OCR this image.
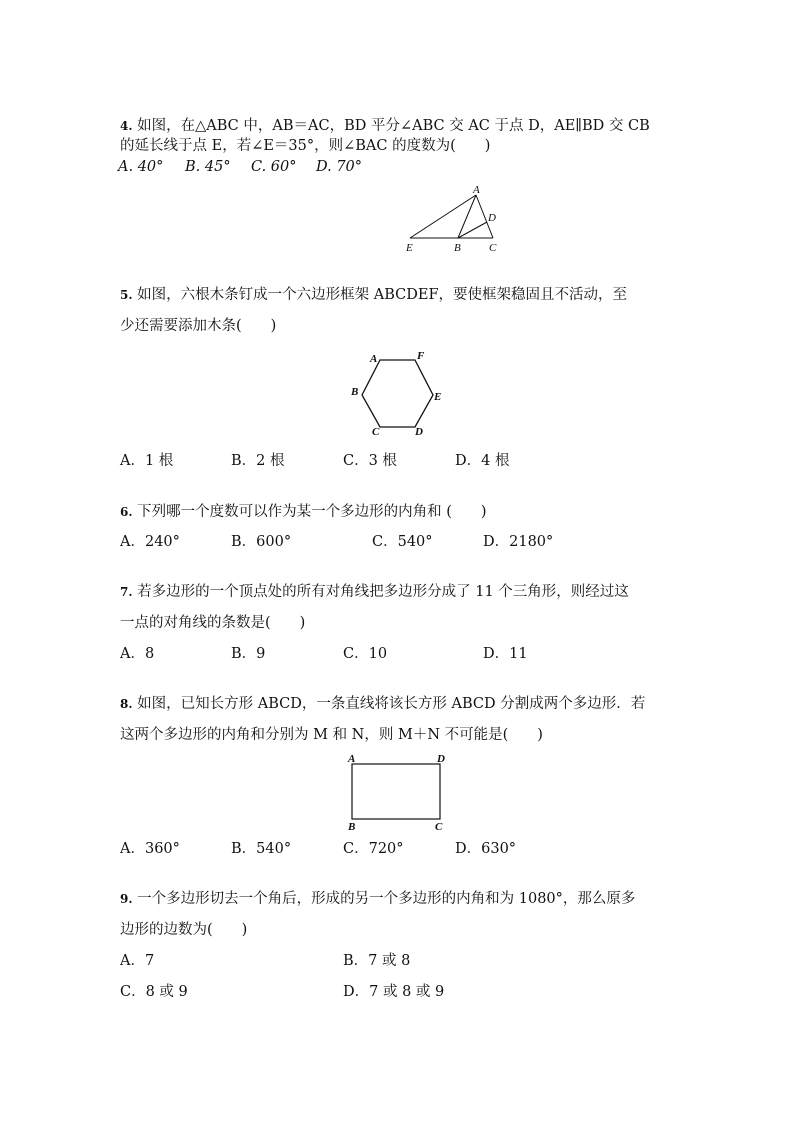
4. 如图，在△ABC 中，AB＝AC，BD 平分∠ABC 交 AC 于点 D，AE∥BD 交 CB
的延长线于点 E，若∠E＝35°，则∠BAC 的度数为(　　)
A. 40° B. 45° C. 60° D. 70°
A
D
E	B	C
5. 如图，六根木条钉成一个六边形框架 ABCDEF，要使框架稳固且不活动，至
少还需要添加木条(　　)
A	F
B	E
C	D
A．1 根	B．2 根	C．3 根	D．4 根
6. 下列哪一个度数可以作为某一个多边形的内角和 (　　)
A．240°	B．600°	C．540°	D．2180°
7. 若多边形的一个顶点处的所有对角线把多边形分成了 11 个三角形，则经过这
一点的对角线的条数是(　　)
A．8	B．9	C．10	D．11
8. 如图，已知长方形 ABCD，一条直线将该长方形 ABCD 分割成两个多边形．若
这两个多边形的内角和分别为 M 和 N，则 M＋N 不可能是(　　)
A	D
B	C
A．360°	B．540°	C．720°	D．630°
9. 一个多边形切去一个角后，形成的另一个多边形的内角和为 1080°，那么原多
边形的边数为(　　)
A．7	B．7 或 8
C．8 或 9	D．7 或 8 或 9
